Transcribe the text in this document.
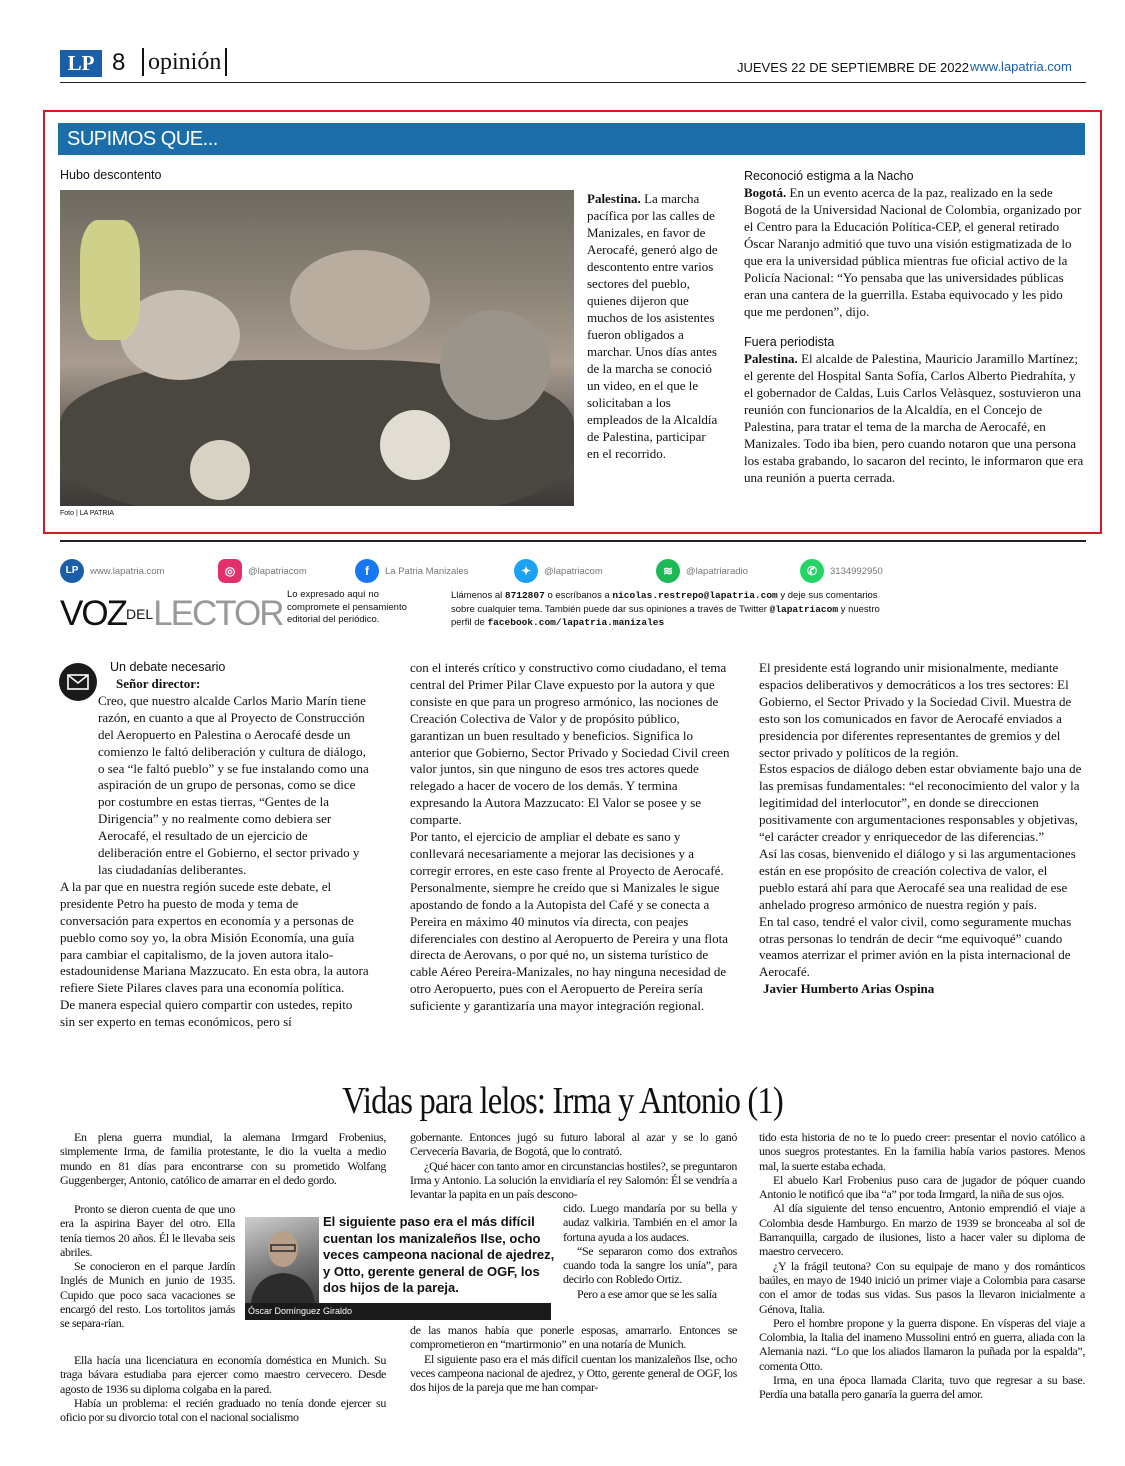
LP 8 opinión	JUEVES 22 DE SEPTIEMBRE DE 2022 www.lapatria.com
SUPIMOS QUE...
Hubo descontento
Foto | LA PATRIA
Palestina. La marcha pacífica por las calles de Manizales, en favor de Aerocafé, generó algo de descontento entre varios sectores del pueblo, quienes dijeron que muchos de los asistentes fueron obligados a marchar. Unos días antes de la marcha se conoció un video, en el que le solicitaban a los empleados de la Alcaldía de Palestina, participar en el recorrido.
Reconoció estigma a la Nacho
Bogotá. En un evento acerca de la paz, realizado en la sede Bogotá de la Universidad Nacional de Colombia, organizado por el Centro para la Educación Política-CEP, el general retirado Óscar Naranjo admitió que tuvo una visión estigmatizada de lo que era la universidad pública mientras fue oficial activo de la Policía Nacional: “Yo pensaba que las universidades públicas eran una cantera de la guerrilla. Estaba equivocado y les pido que me perdonen”, dijo.
Fuera periodista
Palestina. El alcalde de Palestina, Mauricio Jaramillo Martínez; el gerente del Hospital Santa Sofía, Carlos Alberto Piedrahíta, y el gobernador de Caldas, Luis Carlos Velàsquez, sostuvieron una reunión con funcionarios de la Alcaldía, en el Concejo de Palestina, para tratar el tema de la marcha de Aerocafé, en Manizales. Todo iba bien, pero cuando notaron que una persona los estaba grabando, lo sacaron del recinto, le informaron que era una reunión a puerta cerrada.
LP	www.lapatria.com	◎	@lapatriacom	f	La Patria Manizales	✦	@lapatriacom	≋	@lapatriaradio	✆	3134992950
VOZDELLECTOR Lo expresado aquí no compromete el pensamiento editorial del periódico.
Llámenos al 8712807 o escríbanos a nicolas.restrepo@lapatria.com y deje sus comentarios sobre cualquier tema. También puede dar sus opiniones a través de Twitter @lapatriacom y nuestro perfil de facebook.com/lapatria.manizales
Un debate necesario
Señor director:

Creo, que nuestro alcalde Carlos Mario Marín tiene razón, en cuanto a que al Proyecto de Construcción del Aeropuerto en Palestina o Aerocafé desde un comienzo le faltó deliberación y cultura de diálogo, o sea “le faltó pueblo” y se fue instalando como una aspiración de un grupo de personas, como se dice por costumbre en estas tierras, “Gentes de la Dirigencia” y no realmente como debiera ser Aerocafé, el resultado de un ejercicio de deliberación entre el Gobierno, el sector privado y las ciudadanías deliberantes.

A la par que en nuestra región sucede este debate, el presidente Petro ha puesto de moda y tema de conversación para expertos en economía y a personas de pueblo como soy yo, la obra Misión Economía, una guía para cambiar el capitalismo, de la joven autora italo-estadounidense Mariana Mazzucato. En esta obra, la autora refiere Siete Pilares claves para una economía política.

De manera especial quiero compartir con ustedes, repito sin ser experto en temas económicos, pero sí

con el interés crítico y constructivo como ciudadano, el tema central del Primer Pilar Clave expuesto por la autora y que consiste en que para un progreso armónico, las nociones de Creación Colectiva de Valor y de propósito público, garantizan un buen resultado y beneficios. Significa lo anterior que Gobierno, Sector Privado y Sociedad Civil creen valor juntos, sin que ninguno de esos tres actores quede relegado a hacer de vocero de los demás. Y termina expresando la Autora Mazzucato: El Valor se posee y se comparte.

Por tanto, el ejercicio de ampliar el debate es sano y conllevará necesariamente a mejorar las decisiones y a corregir errores, en este caso frente al Proyecto de Aerocafé.

Personalmente, siempre he creído que si Manizales le sigue apostando de fondo a la Autopista del Café y se conecta a Pereira en máximo 40 minutos vía directa, con peajes diferenciales con destino al Aeropuerto de Pereira y una flota directa de Aerovans, o por qué no, un sistema turístico de cable Aéreo Pereira-Manizales, no hay ninguna necesidad de otro Aeropuerto, pues con el Aeropuerto de Pereira sería suficiente y garantizaría una mayor integración regional.

El presidente está logrando unir misionalmente, mediante espacios deliberativos y democráticos a los tres sectores: El Gobierno, el Sector Privado y la Sociedad Civil. Muestra de esto son los comunicados en favor de Aerocafé enviados a presidencia por diferentes representantes de gremios y del sector privado y políticos de la región.

Estos espacios de diálogo deben estar obviamente bajo una de las premisas fundamentales: “el reconocimiento del valor y la legitimidad del interlocutor”, en donde se direccionen positivamente con argumentaciones responsables y objetivas, “el carácter creador y enriquecedor de las diferencias.”

Así las cosas, bienvenido el diálogo y si las argumentaciones están en ese propósito de creación colectiva de valor, el pueblo estará ahí para que Aerocafé sea una realidad de ese anhelado progreso armónico de nuestra región y país.

En tal caso, tendré el valor civil, como seguramente muchas otras personas lo tendrán de decir “me equivoqué” cuando veamos aterrizar el primer avión en la pista internacional de Aerocafé.

Javier Humberto Arias Ospina
Vidas para lelos: Irma y Antonio (1)

En plena guerra mundial, la alemana Irmgard Frobenius, simplemente Irma, de familia protestante, le dio la vuelta a medio mundo en 81 días para encontrarse con su prometido Wolfang Guggenberger, Antonio, católico de amarrar en el dedo gordo.

Pronto se dieron cuenta de que uno era la aspirina Bayer del otro. Ella tenía tiernos 20 años. Él le llevaba seis abriles.

Se conocieron en el parque Jardín Inglés de Munich en junio de 1935. Cupido que poco saca vacaciones se encargó del resto. Los tortolitos jamás se separa-rían.

Ella hacía una licenciatura en economía doméstica en Munich. Su traga bávara estudiaba para ejercer como maestro cervecero. Desde agosto de 1936 su diploma colgaba en la pared.

Había un problema: el recién graduado no tenía donde ejercer su oficio por su divorcio total con el nacional socialismo

gobernante. Entonces jugó su futuro laboral al azar y se lo ganó Cervecería Bavaria, de Bogotá, que lo contrató.

¿Qué hacer con tanto amor en circunstancias hostiles?, se preguntaron Irma y Antonio. La solución la envidiaría el rey Salomón: Él se vendría a levantar la papita en un país descono-

cido. Luego mandaría por su bella y audaz valkiria. También en el amor la fortuna ayuda a los audaces.

“Se separaron como dos extraños cuando toda la sangre los unía”, para decirlo con Robledo Ortiz.

Pero a ese amor que se les salía

de las manos había que ponerle esposas, amarrarlo. Entonces se comprometieron en “martirmonio” en una notaría de Munich.

El siguiente paso era el más difícil cuentan los manizaleños Ilse, ocho veces campeona nacional de ajedrez, y Otto, gerente general de OGF, los dos hijos de la pareja que me han compar-

tido esta historia de no te lo puedo creer: presentar el novio católico a unos suegros protestantes. En la familia había varios pastores. Menos mal, la suerte estaba echada.

El abuelo Karl Frobenius puso cara de jugador de póquer cuando Antonio le notificó que iba “a” por toda Irmgard, la niña de sus ojos.

Al día siguiente del tenso encuentro, Antonio emprendió el viaje a Colombia desde Hamburgo. En marzo de 1939 se bronceaba al sol de Barranquilla, cargado de ilusiones, listo a hacer valer su diploma de maestro cervecero.

¿Y la frágil teutona? Con su equipaje de mano y dos románticos baúles, en mayo de 1940 inició un primer viaje a Colombia para casarse con el amor de todas sus vidas. Sus pasos la llevaron inicialmente a Génova, Italia.

Pero el hombre propone y la guerra dispone. En vísperas del viaje a Colombia, la Italia del inameno Mussolini entró en guerra, aliada con la Alemania nazi. “Lo que los aliados llamaron la puñada por la espalda”, comenta Otto.

Irma, en una época llamada Clarita, tuvo que regresar a su base. Perdía una batalla pero ganaría la guerra del amor.

Óscar Domínguez Giraldo
El siguiente paso era el más difícil cuentan los manizaleños Ilse, ocho veces campeona nacional de ajedrez, y Otto, gerente general de OGF, los dos hijos de la pareja.
